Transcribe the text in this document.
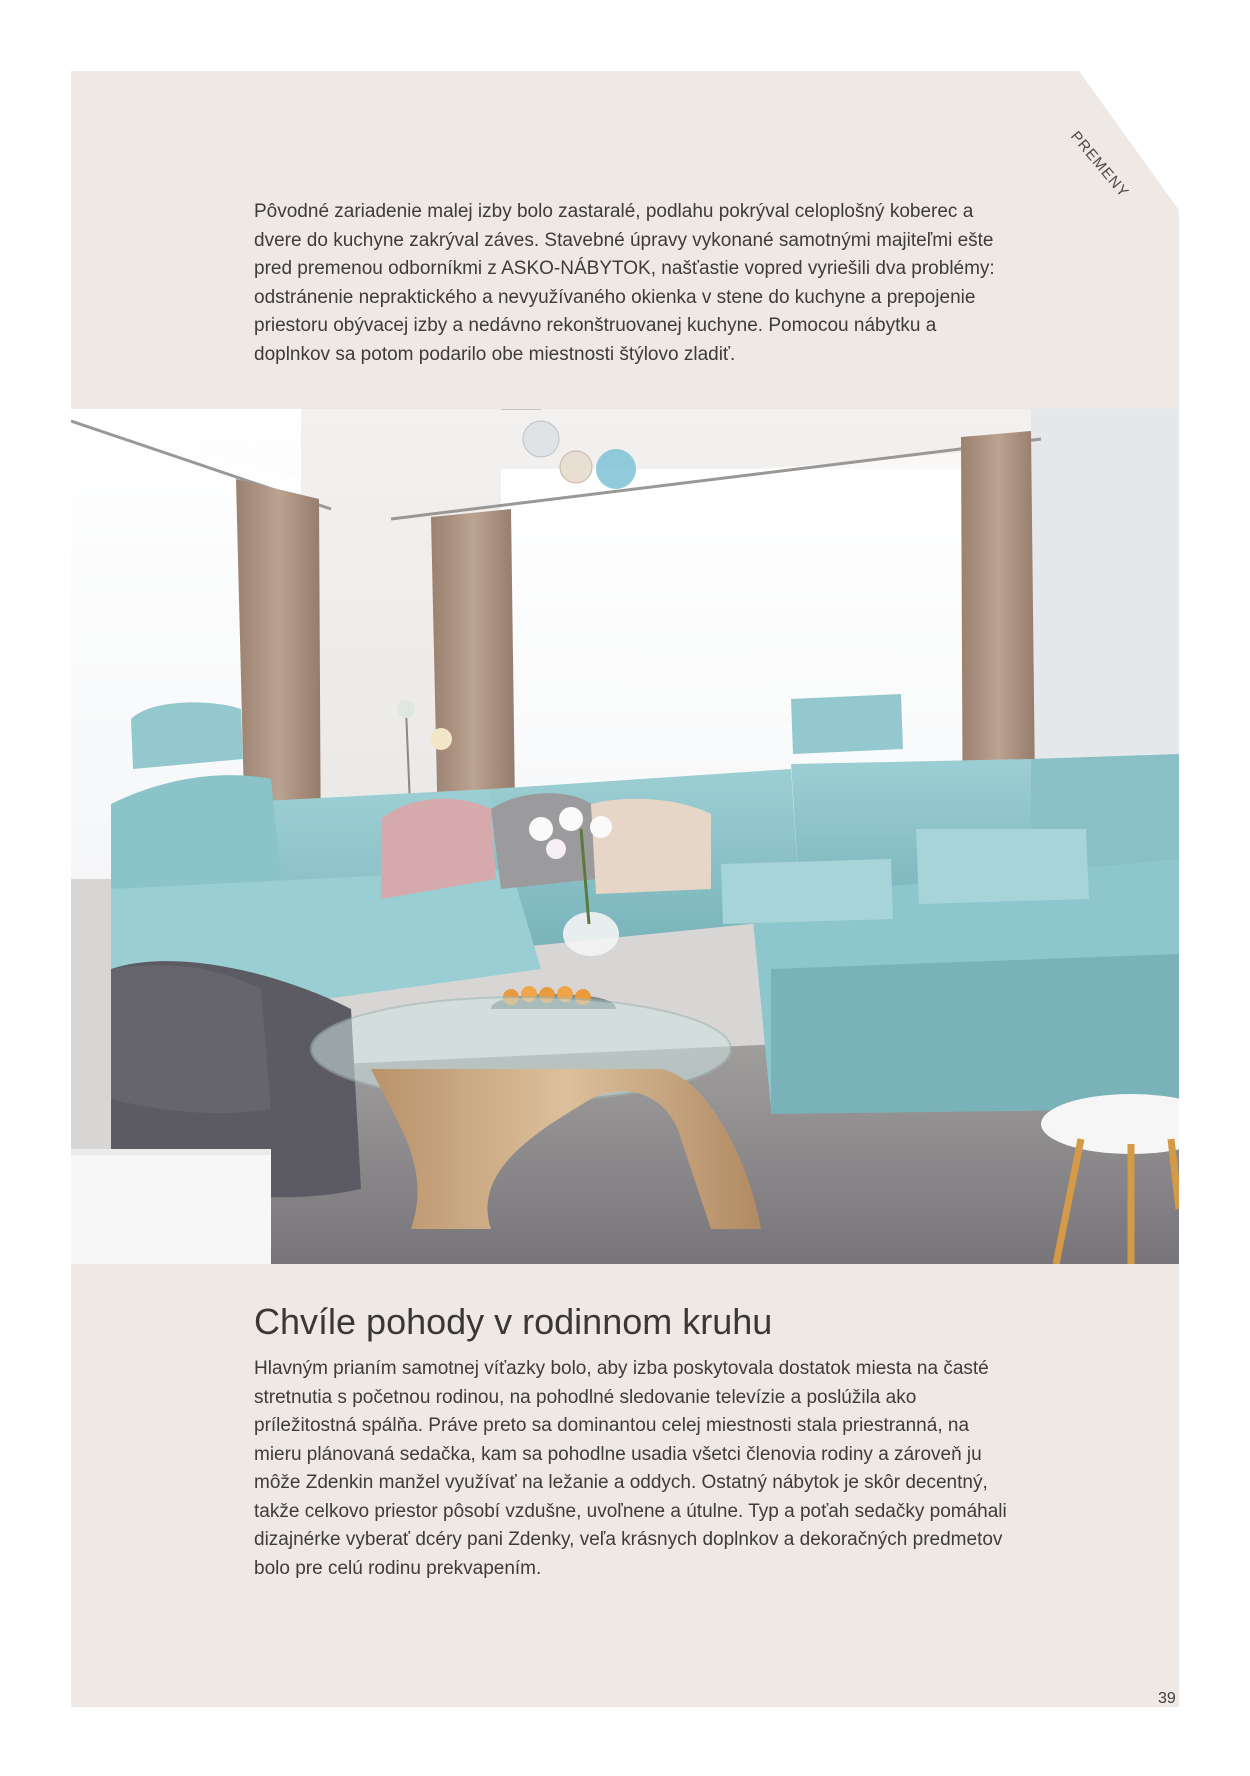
PREMENY

Pôvodné zariadenie malej izby bolo zastaralé, podlahu pokrýval celoplošný koberec a dvere do kuchyne zakrýval záves. Stavebné úpravy vykonané samotnými majiteľmi ešte pred premenou odborníkmi z ASKO-NÁBYTOK, našťastie vopred vyriešili dva problémy: odstránenie nepraktického a nevyužívaného okienka v stene do kuchyne a prepojenie priestoru obývacej izby a nedávno rekonštruovanej kuchyne. Pomocou nábytku a doplnkov sa potom podarilo obe miestnosti štýlovo zladiť.

Chvíle pohody v rodinnom kruhu

Hlavným prianím samotnej víťazky bolo, aby izba poskytovala dostatok miesta na časté stretnutia s početnou rodinou, na pohodlné sledovanie televízie a poslúžila ako príležitostná spálňa. Práve preto sa dominantou celej miestnosti stala priestranná, na mieru plánovaná sedačka, kam sa pohodlne usadia všetci členovia rodiny a zároveň ju môže Zdenkin manžel využívať na ležanie a oddych. Ostatný nábytok je skôr decentný, takže celkovo priestor pôsobí vzdušne, uvoľnene a útulne. Typ a poťah sedačky pomáhali dizajnérke vyberať dcéry pani Zdenky, veľa krásnych doplnkov a dekoračných predmetov bolo pre celú rodinu prekvapením.

39
